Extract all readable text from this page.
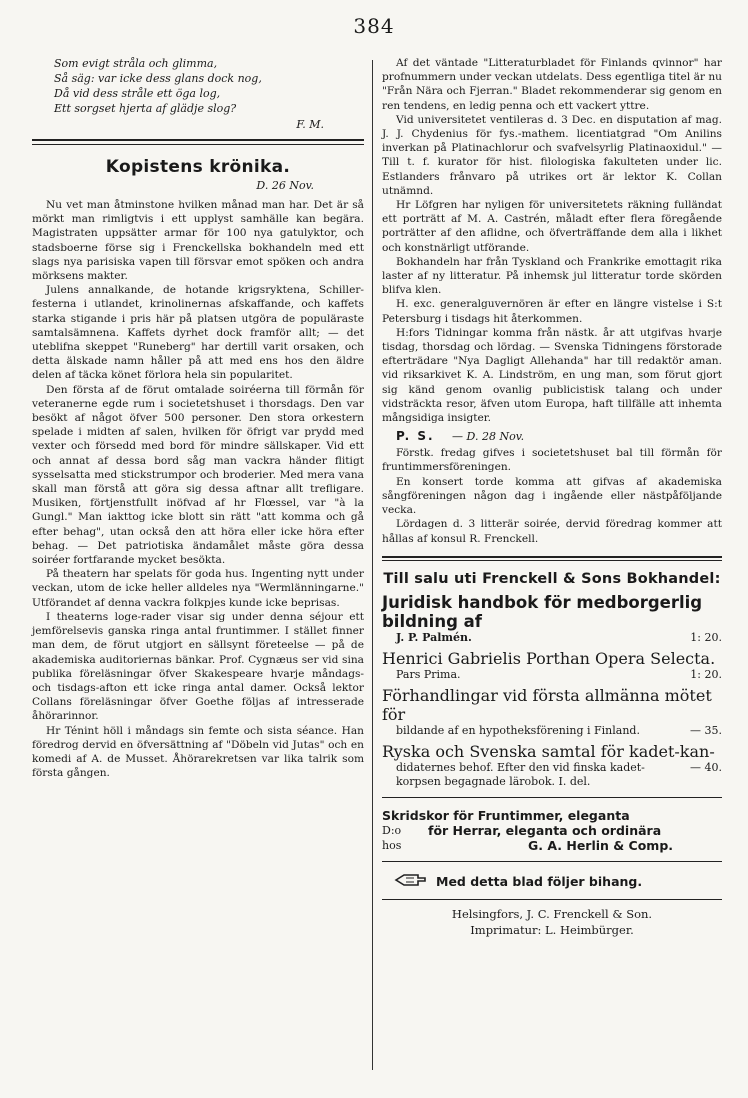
384
Som evigt stråla och glimma,
Så säg: var icke dess glans dock nog,
Då vid dess stråle ett öga log,
Ett sorgset hjerta af glädje slog?
F. M.
Kopistens krönika.
D. 26 Nov.

Nu vet man åtminstone hvilken månad man har. Det är så mörkt man rimligtvis i ett upplyst samhälle kan begära. Magistraten uppsätter armar för 100 nya gatulyktor, och stadsboerne förse sig i Frenckellska bokhandeln med ett slags nya parisiska vapen till försvar emot spöken och andra mörksens makter.

Julens annalkande, de hotande krigsryktena, Schiller-festerna i utlandet, krinolinernas afskaffande, och kaffets starka stigande i pris här på platsen utgöra de populäraste samtalsämnena. Kaffets dyrhet dock framför allt; — det uteblifna skeppet "Runeberg" har dertill varit orsaken, och detta älskade namn håller på att med ens hos den äldre delen af täcka könet förlora hela sin popularitet.

Den första af de förut omtalade soiréerna till förmån för veteranerne egde rum i societetshuset i thorsdags. Den var besökt af något öfver 500 personer. Den stora orkestern spelade i midten af salen, hvilken för öfrigt var prydd med vexter och försedd med bord för mindre sällskaper. Vid ett och annat af dessa bord såg man vackra händer flitigt sysselsatta med stickstrumpor och broderier. Med mera vana skall man förstå att göra sig dessa aftnar allt trefligare. Musiken, förtjenstfullt inöfvad af hr Flœssel, var "à la Gungl." Man iakttog icke blott sin rätt "att komma och gå efter behag", utan också den att höra eller icke höra efter behag. — Det patriotiska ändamålet måste göra dessa soiréer fortfarande mycket besökta.

På theatern har spelats för goda hus. Ingenting nytt under veckan, utom de icke heller alldeles nya "Wermlänningarne." Utförandet af denna vackra folkpjes kunde icke beprisas.

I theaterns loge-rader visar sig under denna séjour ett jemförelsevis ganska ringa antal fruntimmer. I stället finner man dem, de förut utgjort en sällsynt företeelse — på de akademiska auditoriernas bänkar. Prof. Cygnæus ser vid sina publika föreläsningar öfver Skakespeare hvarje måndags- och tisdags-afton ett icke ringa antal damer. Också lektor Collans föreläsningar öfver Goethe följas af intresserade åhörarinnor.

Hr Ténint höll i måndags sin femte och sista séance. Han föredrog dervid en öfversättning af "Döbeln vid Jutas" och en komedi af A. de Musset. Åhörarekretsen var lika talrik som första gången.

Af det väntade "Litteraturbladet för Finlands qvinnor" har profnummern under veckan utdelats. Dess egentliga titel är nu "Från Nära och Fjerran." Bladet rekommenderar sig genom en ren tendens, en ledig penna och ett vackert yttre.

Vid universitetet ventileras d. 3 Dec. en disputation af mag. J. J. Chydenius för fys.-mathem. licentiatgrad "Om Anilins inverkan på Platinachlorur och svafvelsyrlig Platinaoxidul." — Till t. f. kurator för hist. filologiska fakulteten under lic. Estlanders frånvaro på utrikes ort är lektor K. Collan utnämnd.

Hr Löfgren har nyligen för universitetets räkning fulländat ett porträtt af M. A. Castrén, måladt efter flera föregående porträtter af den aflidne, och öfverträffande dem alla i likhet och konstnärligt utförande.

Bokhandeln har från Tyskland och Frankrike emottagit rika laster af ny litteratur. På inhemsk jul litteratur torde skörden blifva klen.

H. exc. generalguvernören är efter en längre vistelse i S:t Petersburg i tisdags hit återkommen.

H:fors Tidningar komma från nästk. år att utgifvas hvarje tisdag, thorsdag och lördag. — Svenska Tidningens förstorade efterträdare "Nya Dagligt Allehanda" har till redaktör aman. vid riksarkivet K. A. Lindström, en ung man, som förut gjort sig känd genom ovanlig publicistisk talang och under vidsträckta resor, äfven utom Europa, haft tillfälle att inhemta mångsidiga insigter.

P. S. — D. 28 Nov.

Förstk. fredag gifves i societetshuset bal till förmån för fruntimmersföreningen.

En konsert torde komma att gifvas af akademiska sångföreningen någon dag i ingående eller nästpåföljande vecka.

Lördagen d. 3 litterär soirée, dervid föredrag kommer att hållas af konsul R. Frenckell.

Till salu uti Frenckell & Sons Bokhandel:
Juridisk handbok för medborgerlig bildning af
J. P. Palmén.	1: 20.
Henrici Gabrielis Porthan Opera Selecta.
Pars Prima.	1: 20.
Förhandlingar vid första allmänna mötet för
bildande af en hypotheksförening i Finland.	— 35.
Ryska och Svenska samtal för kadet-kan-
didaternes behof. Efter den vid finska kadet-korpsen begagnade lärobok. I. del.
— 40.
Skridskor för Fruntimmer, eleganta
D:o	för Herrar, eleganta och ordinära
hos	G. A. Herlin & Comp.
Med detta blad följer bihang.
Helsingfors, J. C. Frenckell & Son.
Imprimatur: L. Heimbürger.
